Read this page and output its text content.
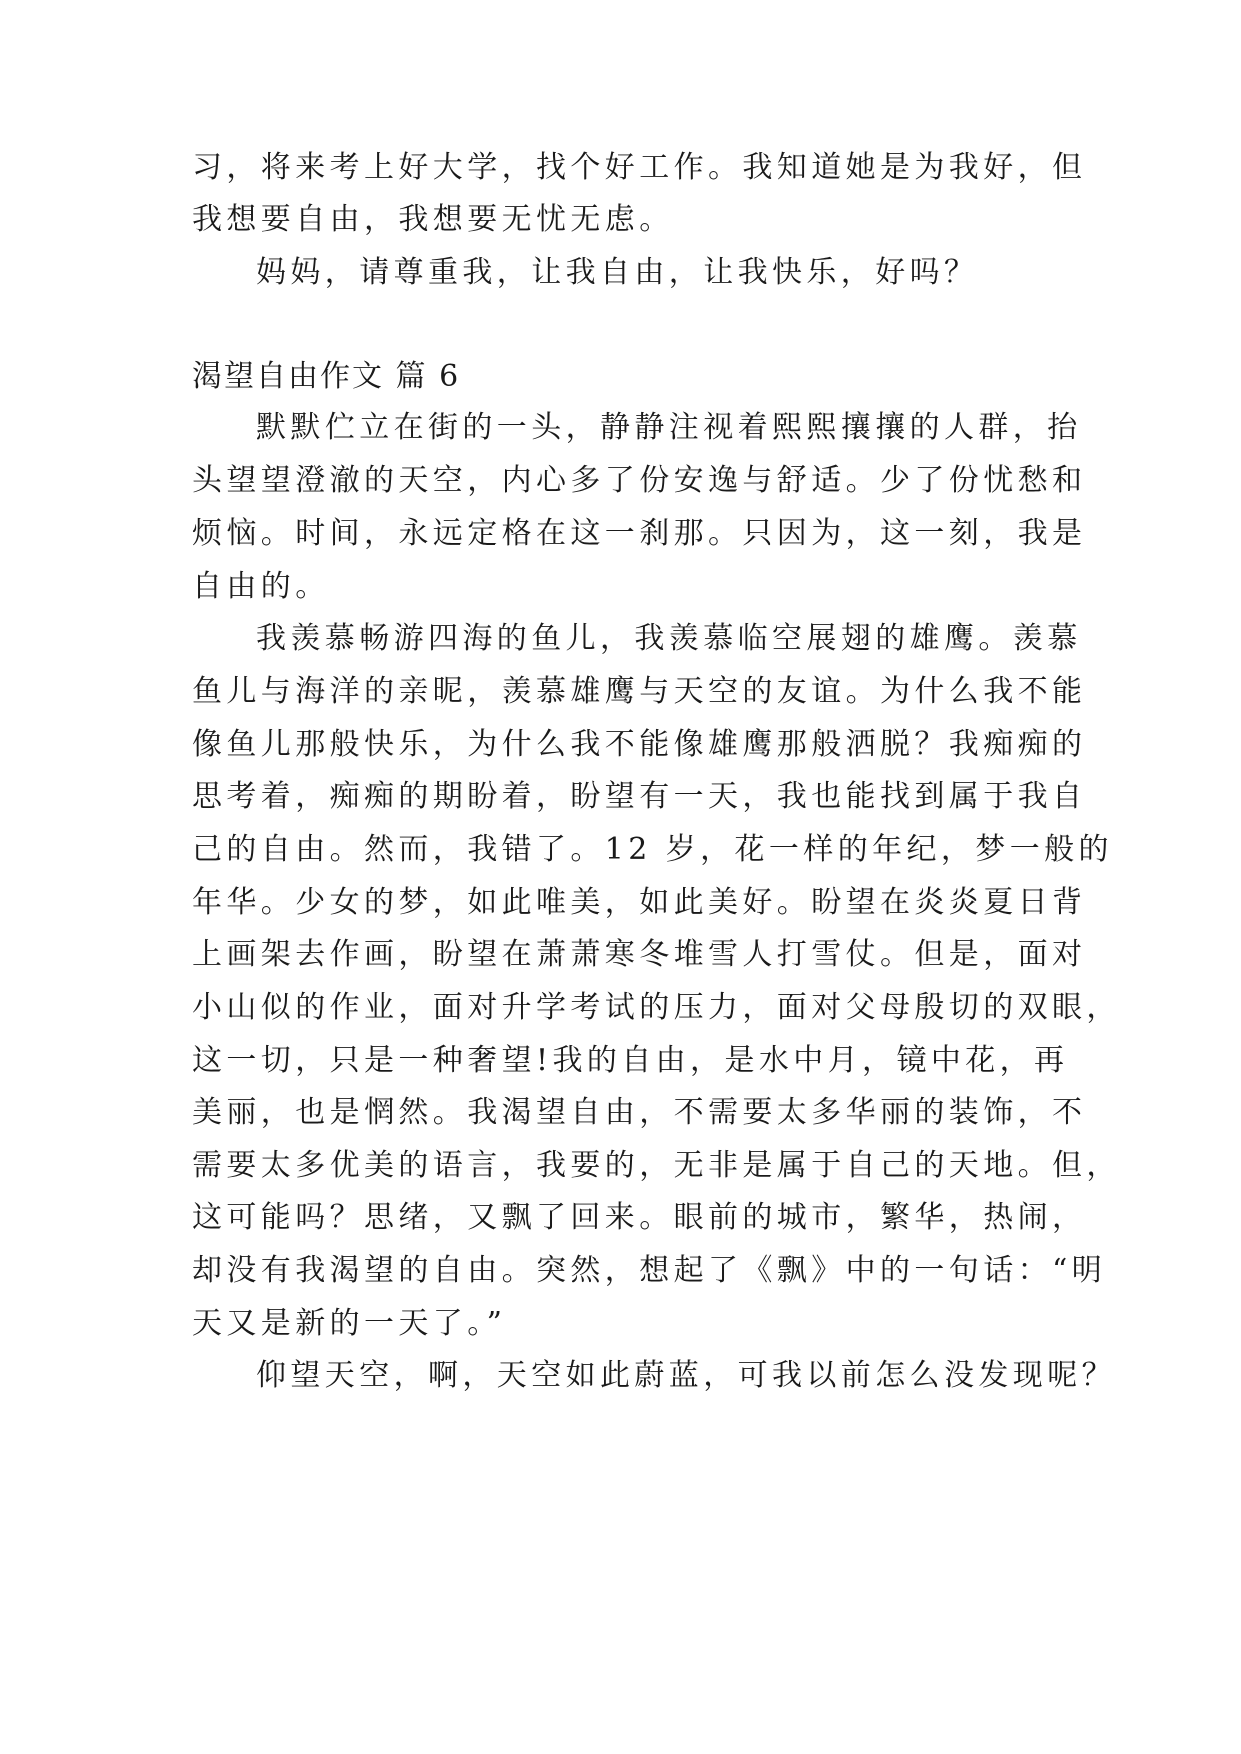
习，将来考上好大学，找个好工作。我知道她是为我好，但
我想要自由，我想要无忧无虑。
妈妈，请尊重我，让我自由，让我快乐，好吗？
渴望自由作文 篇 6
默默伫立在街的一头，静静注视着熙熙攘攘的人群，抬
头望望澄澈的天空，内心多了份安逸与舒适。少了份忧愁和
烦恼。时间，永远定格在这一刹那。只因为，这一刻，我是
自由的。
我羡慕畅游四海的鱼儿，我羡慕临空展翅的雄鹰。羡慕
鱼儿与海洋的亲昵，羡慕雄鹰与天空的友谊。为什么我不能
像鱼儿那般快乐，为什么我不能像雄鹰那般洒脱？我痴痴的
思考着，痴痴的期盼着，盼望有一天，我也能找到属于我自
己的自由。然而，我错了。12 岁，花一样的年纪，梦一般的
年华。少女的梦，如此唯美，如此美好。盼望在炎炎夏日背
上画架去作画，盼望在萧萧寒冬堆雪人打雪仗。但是，面对
小山似的作业，面对升学考试的压力，面对父母殷切的双眼，
这一切，只是一种奢望!我的自由，是水中月，镜中花，再
美丽，也是惘然。我渴望自由，不需要太多华丽的装饰，不
需要太多优美的语言，我要的，无非是属于自己的天地。但，
这可能吗？思绪，又飘了回来。眼前的城市，繁华，热闹，
却没有我渴望的自由。突然，想起了《飘》中的一句话：“明
天又是新的一天了。”
仰望天空，啊，天空如此蔚蓝，可我以前怎么没发现呢？
